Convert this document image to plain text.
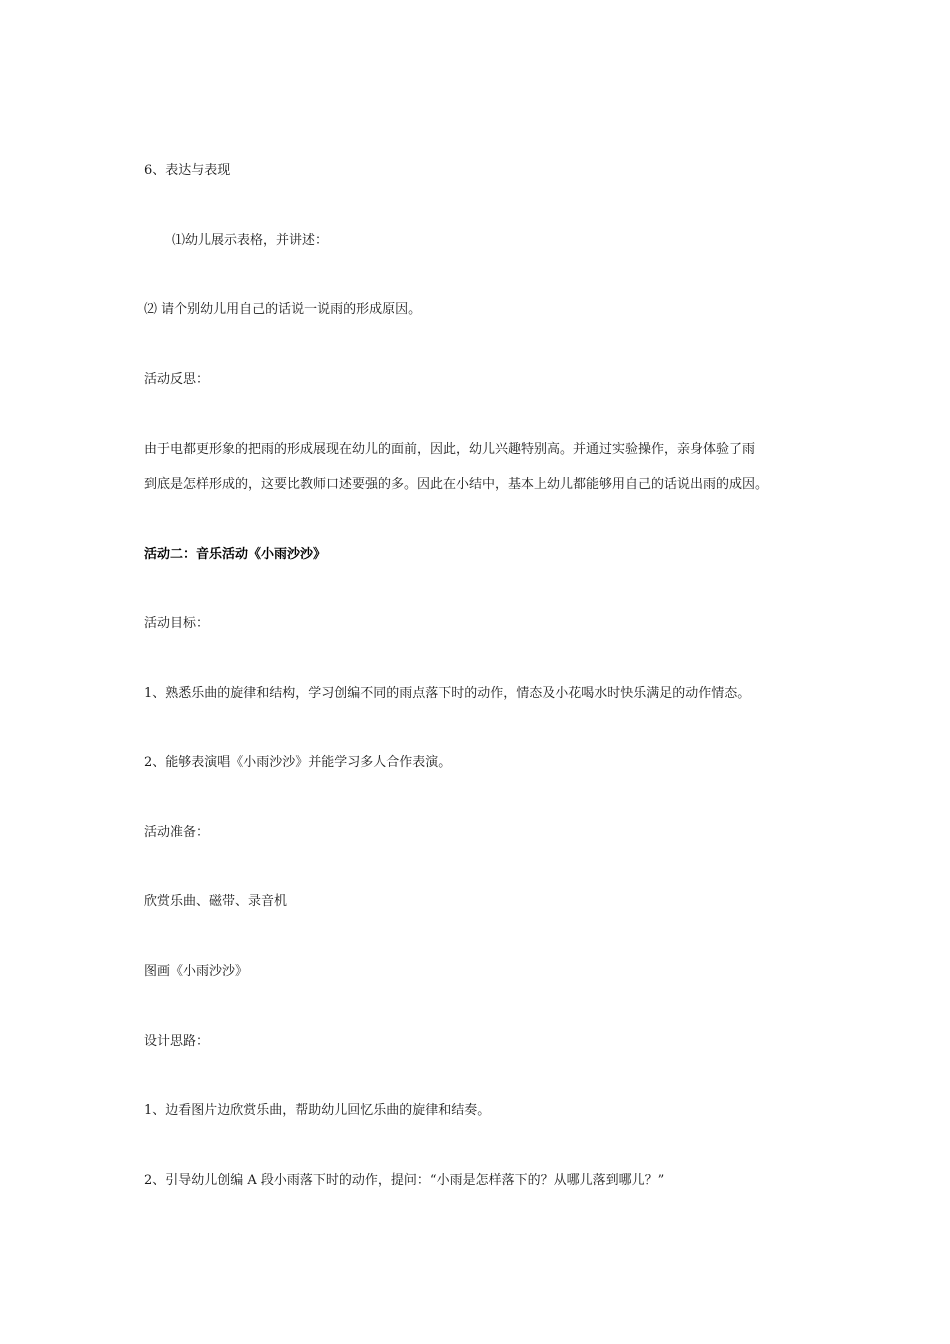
6、表达与表现

⑴幼儿展示表格，并讲述：

⑵ 请个别幼儿用自己的话说一说雨的形成原因。

活动反思：

由于电都更形象的把雨的形成展现在幼儿的面前，因此，幼儿兴趣特别高。并通过实验操作，亲身体验了雨

到底是怎样形成的，这要比教师口述要强的多。因此在小结中，基本上幼儿都能够用自己的话说出雨的成因。

活动二：音乐活动《小雨沙沙》

活动目标：

1、熟悉乐曲的旋律和结构，学习创编不同的雨点落下时的动作，情态及小花喝水时快乐满足的动作情态。

2、能够表演唱《小雨沙沙》并能学习多人合作表演。

活动准备：

欣赏乐曲、磁带、录音机

图画《小雨沙沙》

设计思路：

1、边看图片边欣赏乐曲，帮助幼儿回忆乐曲的旋律和结奏。

2、引导幼儿创编 A 段小雨落下时的动作，提问：“小雨是怎样落下的？从哪儿落到哪儿？”
